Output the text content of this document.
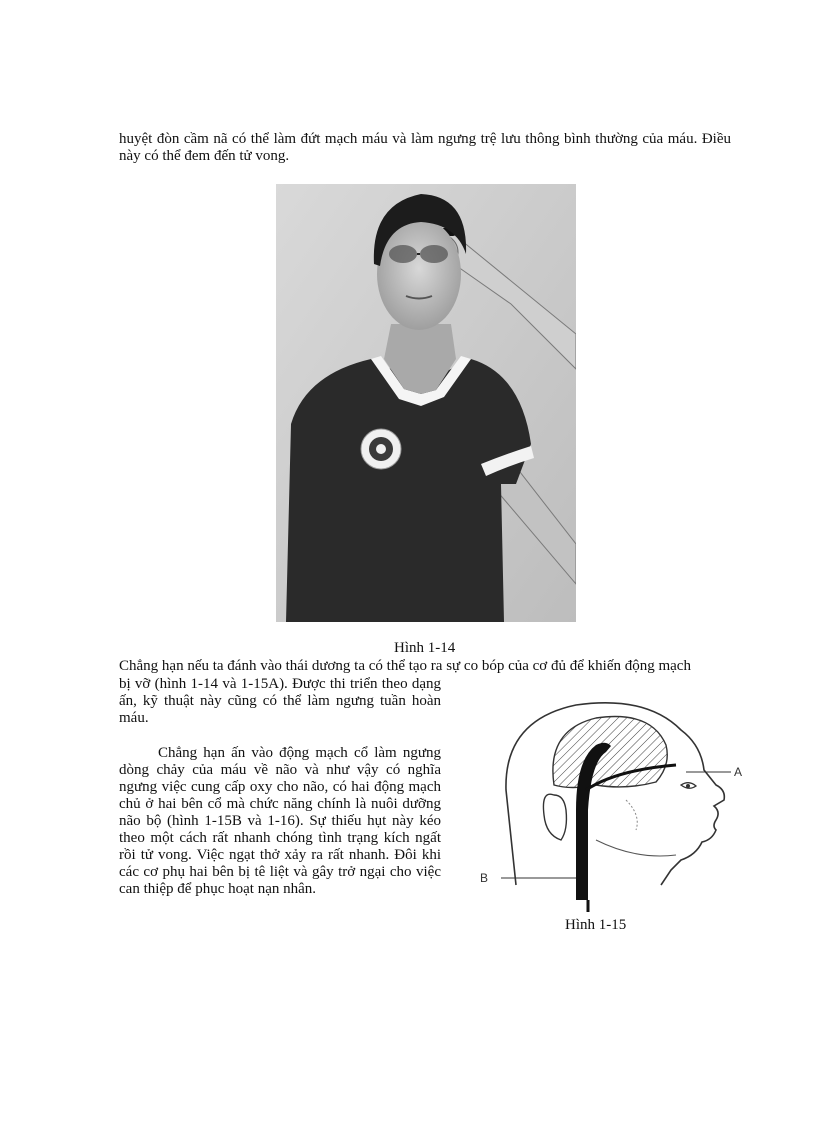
huyệt đòn cầm nã có thể làm đứt mạch máu và làm ngưng trệ lưu thông bình thường của máu. Điều này có thể đem đến tử vong.
Hình 1-14
Chẳng hạn nếu ta đánh vào thái dương ta có thể tạo ra sự co bóp của cơ đủ để khiến động mạch
bị vỡ (hình 1-14 và 1-15A). Được thi triển theo dạng ấn, kỹ thuật này cũng có thể làm ngưng tuần hoàn máu.
Chẳng hạn ấn vào động mạch cổ làm ngưng dòng chảy của máu về não và như vậy có nghĩa ngưng việc cung cấp oxy cho não, có hai động mạch chủ ở hai bên cổ mà chức năng chính là nuôi dưỡng não bộ (hình 1-15B và 1-16). Sự thiếu hụt này kéo theo một cách rất nhanh chóng tình trạng kích ngất rồi tử vong. Việc ngạt thở xảy ra rất nhanh. Đôi khi các cơ phụ hai bên bị tê liệt và gây trở ngại cho việc can thiệp để phục hoạt nạn nhân.
A
B
Hình 1-15
